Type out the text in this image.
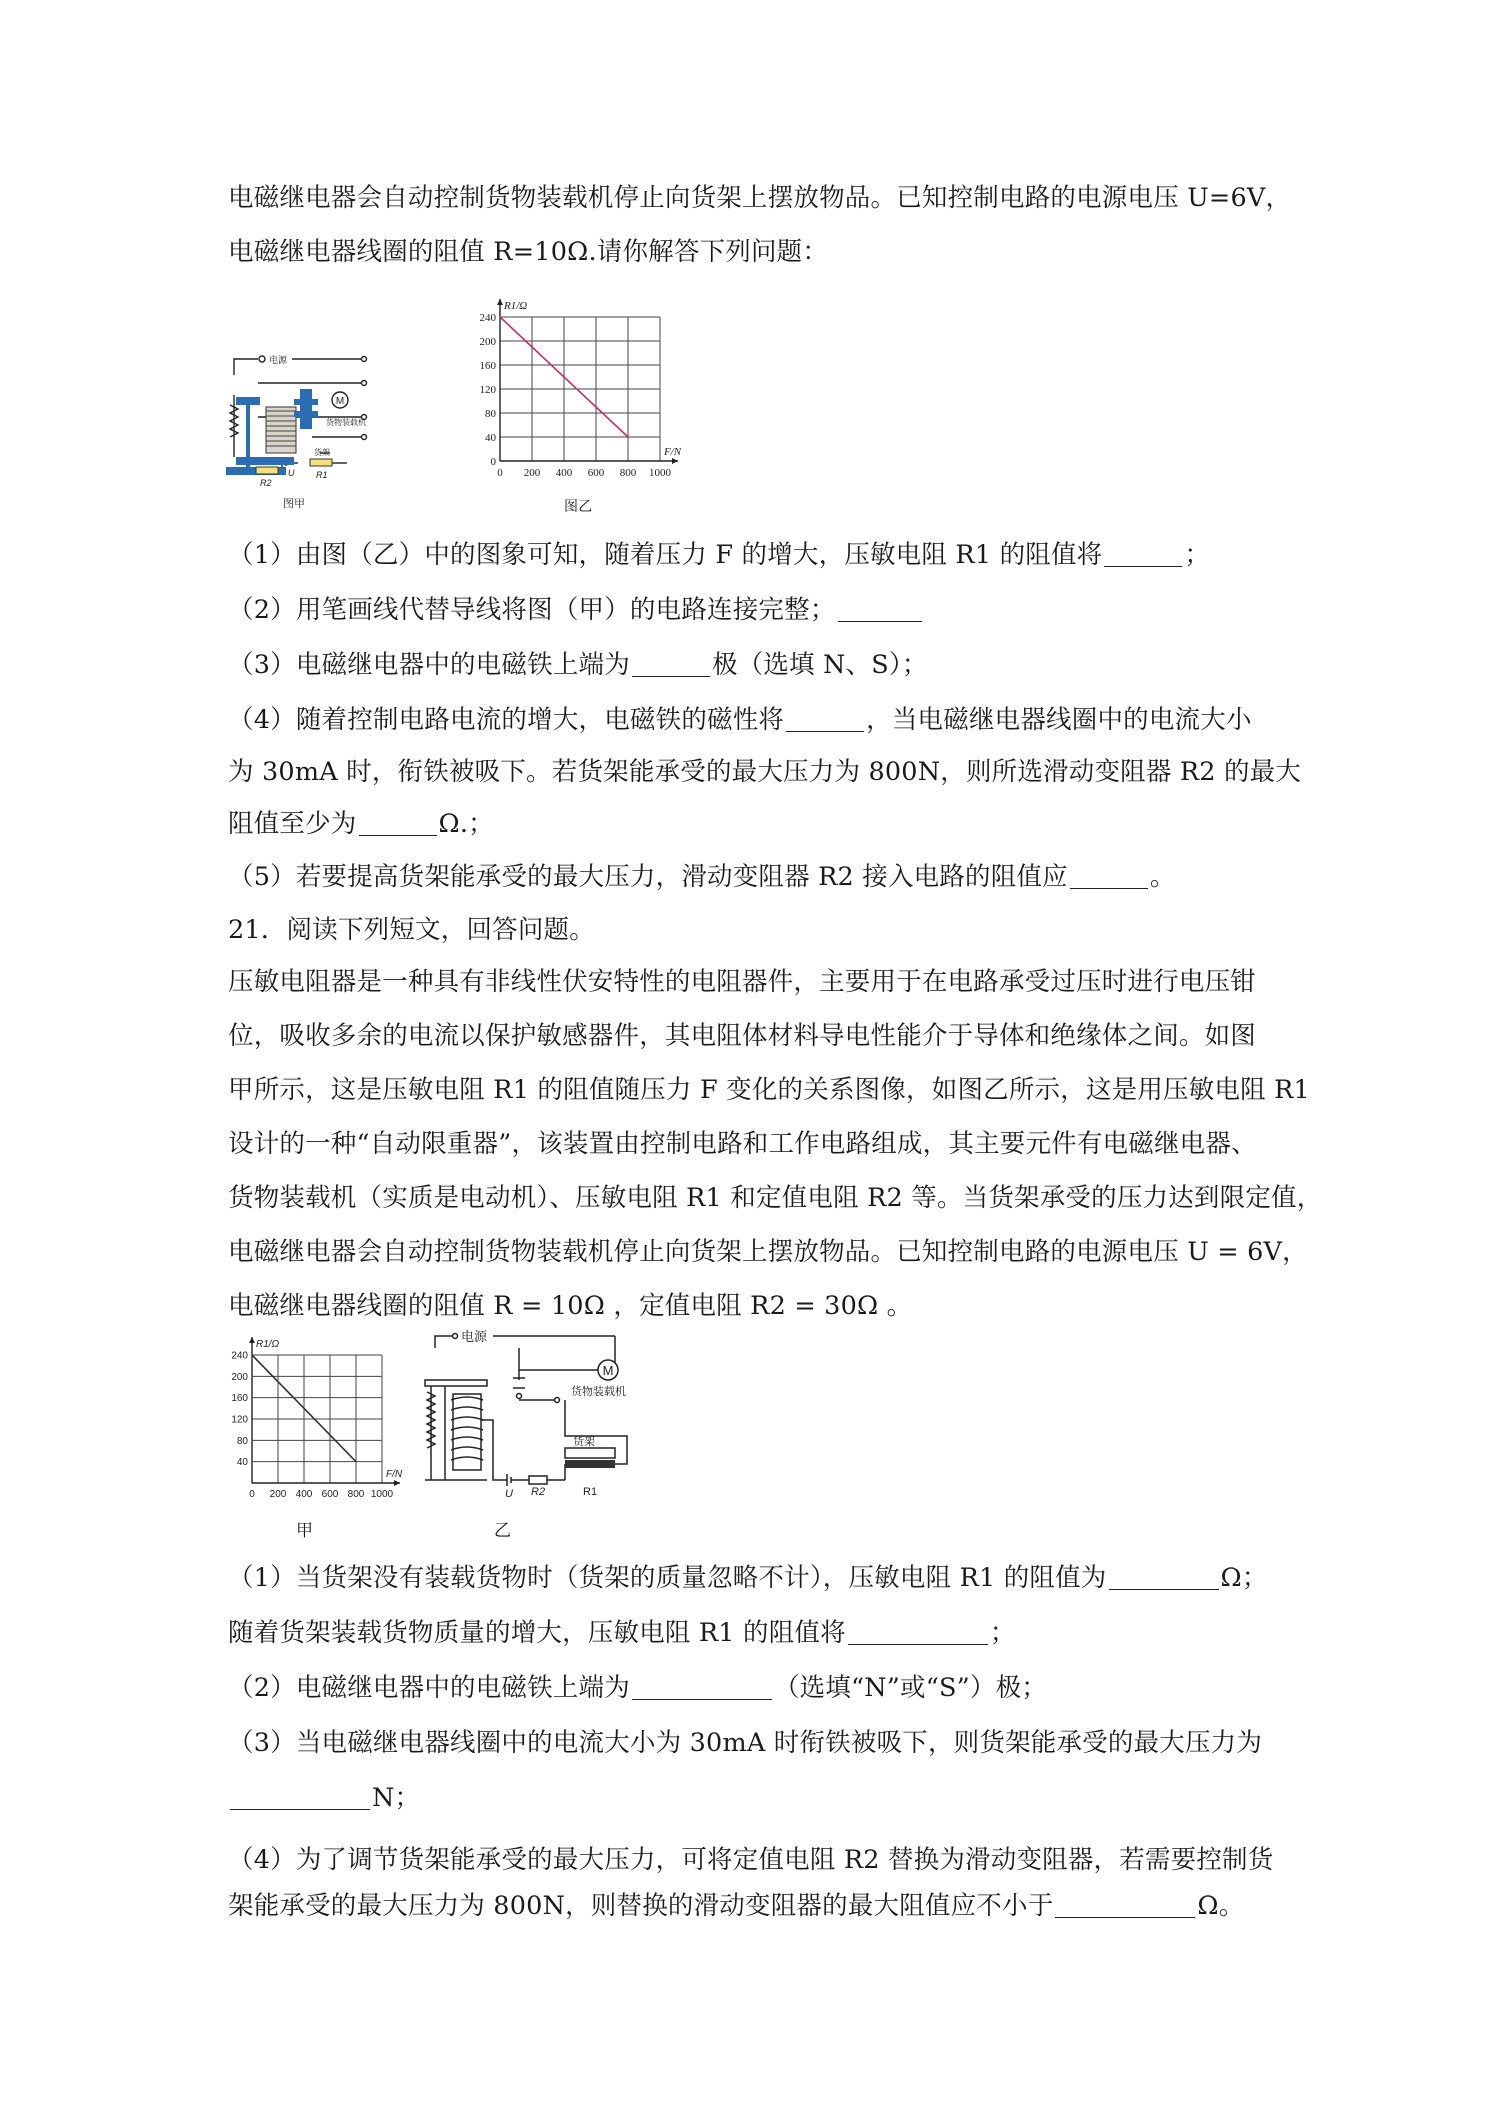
电磁继电器会自动控制货物装载机停止向货架上摆放物品。已知控制电路的电源电压 U=6V，
电磁继电器线圈的阻值 R=10Ω.请你解答下列问题：
M
电源
货物装载机
货架
R1
R2
U
图甲
0 200 400 600 800 1000
0
40
80
120
160
200
240
F/N
R1/Ω
图乙
（1）由图（乙）中的图象可知，随着压力 F 的增大，压敏电阻 R1 的阻值将	；
（2）用笔画线代替导线将图（甲）的电路连接完整；
（3）电磁继电器中的电磁铁上端为	极（选填 N、S）；
（4）随着控制电路电流的增大，电磁铁的磁性将	，当电磁继电器线圈中的电流大小
为 30mA 时，衔铁被吸下。若货架能承受的最大压力为 800N，则所选滑动变阻器 R2 的最大
阻值至少为	Ω.；
（5）若要提高货架能承受的最大压力，滑动变阻器 R2 接入电路的阻值应	。
21．阅读下列短文，回答问题。
压敏电阻器是一种具有非线性伏安特性的电阻器件，主要用于在电路承受过压时进行电压钳
位，吸收多余的电流以保护敏感器件，其电阻体材料导电性能介于导体和绝缘体之间。如图
甲所示，这是压敏电阻 R1 的阻值随压力 F 变化的关系图像，如图乙所示，这是用压敏电阻 R1
设计的一种“自动限重器”，该装置由控制电路和工作电路组成，其主要元件有电磁继电器、
货物装载机（实质是电动机）、压敏电阻 R1 和定值电阻 R2 等。当货架承受的压力达到限定值，
电磁继电器会自动控制货物装载机停止向货架上摆放物品。已知控制电路的电源电压 U = 6V，
电磁继电器线圈的阻值 R = 10Ω ，定值电阻 R2 = 30Ω 。
0 200 400 600 800 1000
40
80
120
160
200
240
F/N
R1/Ω
甲
M
电源
货物装载机
货架
R1
R2
U
乙
（1）当货架没有装载货物时（货架的质量忽略不计），压敏电阻 R1 的阻值为	Ω；
随着货架装载货物质量的增大，压敏电阻 R1 的阻值将	；
（2）电磁继电器中的电磁铁上端为	（选填“N”或“S”）极；
（3）当电磁继电器线圈中的电流大小为 30mA 时衔铁被吸下，则货架能承受的最大压力为
N；
（4）为了调节货架能承受的最大压力，可将定值电阻 R2 替换为滑动变阻器，若需要控制货
架能承受的最大压力为 800N，则替换的滑动变阻器的最大阻值应不小于	Ω。
